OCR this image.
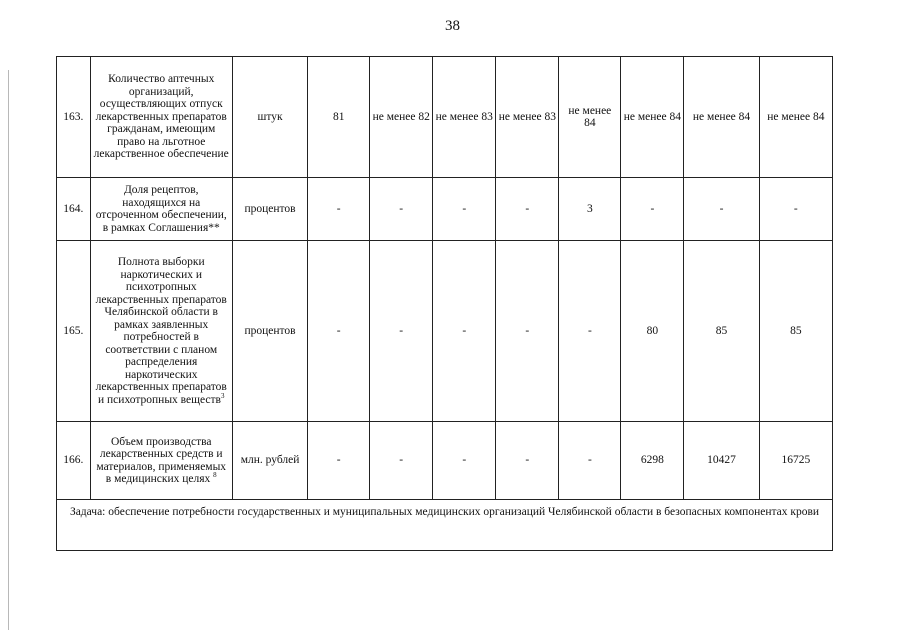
38
163.	Количество аптечных организаций, осуществляющих отпуск лекарственных препаратов гражданам, имеющим право на льготное лекарственное обеспечение	штук	81	не менее 82	не менее 83	не менее 83	не менее 84	не менее 84	не менее 84	не менее 84
164.	Доля рецептов, находящихся на отсроченном обеспечении, в рамках Соглашения**	процентов	-	-	-	-	3	-	-	-
165.	Полнота выборки наркотических и психотропных лекарственных препаратов Челябинской области в рамках заявленных потребностей в соответствии с планом распределения наркотических лекарственных препаратов и психотропных веществ$^3$	процентов	-	-	-	-	-	80	85	85
166.	Объем производства лекарственных средств и материалов, применяемых в медицинских целях $^8$	млн. рублей	-	-	-	-	-	6298	10427	16725
Задача: обеспечение потребности государственных и муниципальных медицинских организаций Челябинской области в безопасных компонентах крови										
